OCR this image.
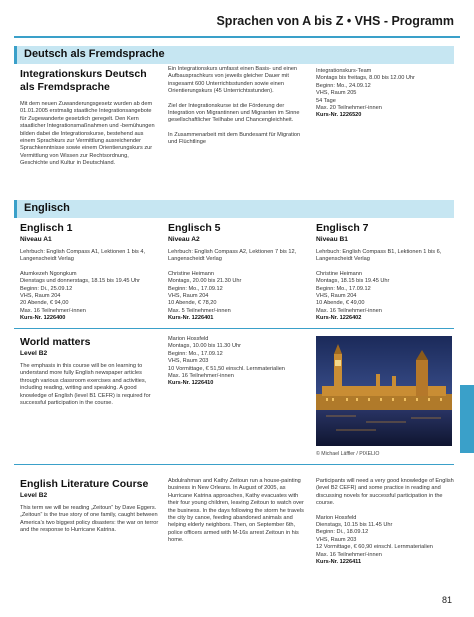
Sprachen von A bis Z • VHS - Programm
Deutsch als Fremdsprache
Integrationskurs Deutsch als Fremdsprache

Mit dem neuen Zuwanderungsgesetz wurden ab dem 01.01.2005 erstmalig staatliche Integrationsangebote für Zugewanderte gesetzlich geregelt. Den Kern staatlicher Integrationsmaßnahmen und -bemühungen bilden dabei die Integrationskurse, bestehend aus einem Sprachkurs zur Vermittlung ausreichender Sprachkenntnisse sowie einem Orientierungskurs zur Vermittlung von Wissen zur Rechtsordnung, Geschichte und Kultur in Deutschland.

Ein Integrationskurs umfasst einen Basis- und einen Aufbausprachkurs von jeweils gleicher Dauer mit insgesamt 600 Unterrichtsstunden sowie einen Orientierungskurs (45 Unterrichtsstunden).

Ziel der Integrationskurse ist die Förderung der Integration von Migrantinnen und Migranten im Sinne gesellschaftlicher Teilhabe und Chancengleichheit.

In Zusammenarbeit mit dem Bundesamt für Migration und Flüchtlinge

Integrationskurs-Team
Montags bis freitags, 8.00 bis 12.00 Uhr
Beginn: Mo., 24.09.12
VHS, Raum 205
54 Tage
Max. 20 Teilnehmer/-innen
Kurs-Nr. 1226520
Englisch
Englisch 1
Niveau A1

Lehrbuch: English Compass A1, Lektionen 1 bis 4, Langenscheidt Verlag

Atumkezeh Ngongkum
Dienstags und donnerstags, 18.15 bis 19.45 Uhr
Beginn: Di., 25.09.12
VHS, Raum 204
20 Abende, € 94,00
Max. 16 Teilnehmer/-innen
Kurs-Nr. 1226400
Englisch 5
Niveau A2

Lehrbuch: English Compass A2, Lektionen 7 bis 12, Langenscheidt Verlag

Christine Heimann
Montags, 20.00 bis 21.30 Uhr
Beginn: Mo., 17.09.12
VHS, Raum 204
10 Abende, € 78,20
Max. 5 Teilnehmer/-innen
Kurs-Nr. 1226401
Englisch 7
Niveau B1

Lehrbuch: English Compass B1, Lektionen 1 bis 6, Langenscheidt Verlag

Christine Heimann
Montags, 18.15 bis 19.45 Uhr
Beginn: Mo., 17.09.12
VHS, Raum 204
10 Abende, € 49,00
Max. 16 Teilnehmer/-innen
Kurs-Nr. 1226402
World matters
Level B2

The emphasis in this course will be on learning to understand more fully English newspaper articles through various classroom exercises and activities, including reading, writing and speaking. A good knowledge of English (level B1 CEFR) is required for successful participation in the course.

Marion Hossfeld
Montags, 10.00 bis 11.30 Uhr
Beginn: Mo., 17.09.12
VHS, Raum 203
10 Vormittage, € 51,50 einschl. Lernmaterialien
Max. 16 Teilnehmer/-innen
Kurs-Nr. 1226410
© Michael Läffler / PIXELIO
English Literature Course
Level B2

This term we will be reading „Zeitoun“ by Dave Eggers. „Zeitoun“ is the true story of one family, caught between America’s two biggest policy disasters: the war on terror and the response to Hurricane Katrina.

Abdulrahman and Kathy Zeitoun run a house-painting business in New Orleans. In August of 2005, as Hurricane Katrina approaches, Kathy evacuates with their four young children, leaving Zeitoun to watch over the business. In the days following the storm he travels the city by canoe, feeding abandoned animals and helping elderly neighbors. Then, on September 6th, police officers armed with M-16s arrest Zeitoun in his home.

Participants will need a very good knowledge of English (level B2 CEFR) and some practice in reading and discussing novels for successful participation in the course.

Marion Hossfeld
Dienstags, 10.15 bis 11.45 Uhr
Beginn: Di., 18.09.12
VHS, Raum 203
12 Vormittage, € 60,90 einschl. Lernmaterialien
Max. 16 Teilnehmer/-innen
Kurs-Nr. 1226411
81
